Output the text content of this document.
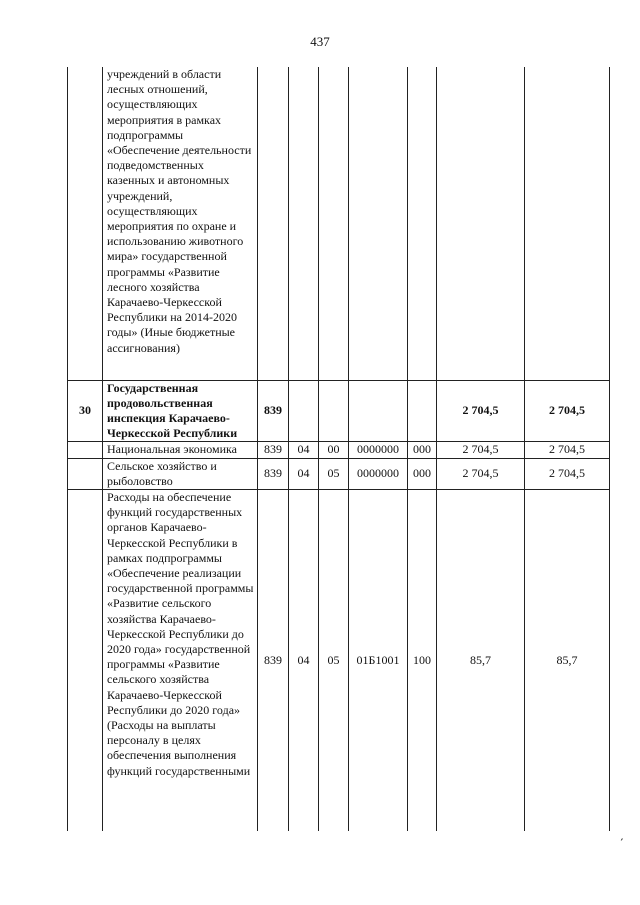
437
	учреждений в области лесных отношений, осуществляющих мероприятия в рамках подпрограммы «Обеспечение деятельности подведомственных казенных и автономных учреждений, осуществляющих мероприятия по охране и использованию животного мира» государственной программы «Развитие лесного хозяйства Карачаево-Черкесской Республики на 2014-2020 годы» (Иные бюджетные ассигнования)							
30	Государственная продовольственная инспекция Карачаево-Черкесской Республики	839					2 704,5	2 704,5
	Национальная экономика	839	04	00	0000000	000	2 704,5	2 704,5
	Сельское хозяйство и рыболовство	839	04	05	0000000	000	2 704,5	2 704,5
	Расходы на обеспечение функций государственных органов Карачаево-Черкесской Республики в рамках подпрограммы «Обеспечение реализации государственной программы «Развитие сельского хозяйства Карачаево-Черкесской Республики до 2020 года» государственной программы «Развитие сельского хозяйства Карачаево-Черкесской Республики до 2020 года» (Расходы на выплаты персоналу в целях обеспечения выполнения функций государственными	839	04	05	01Б1001	100	85,7	85,7
'
